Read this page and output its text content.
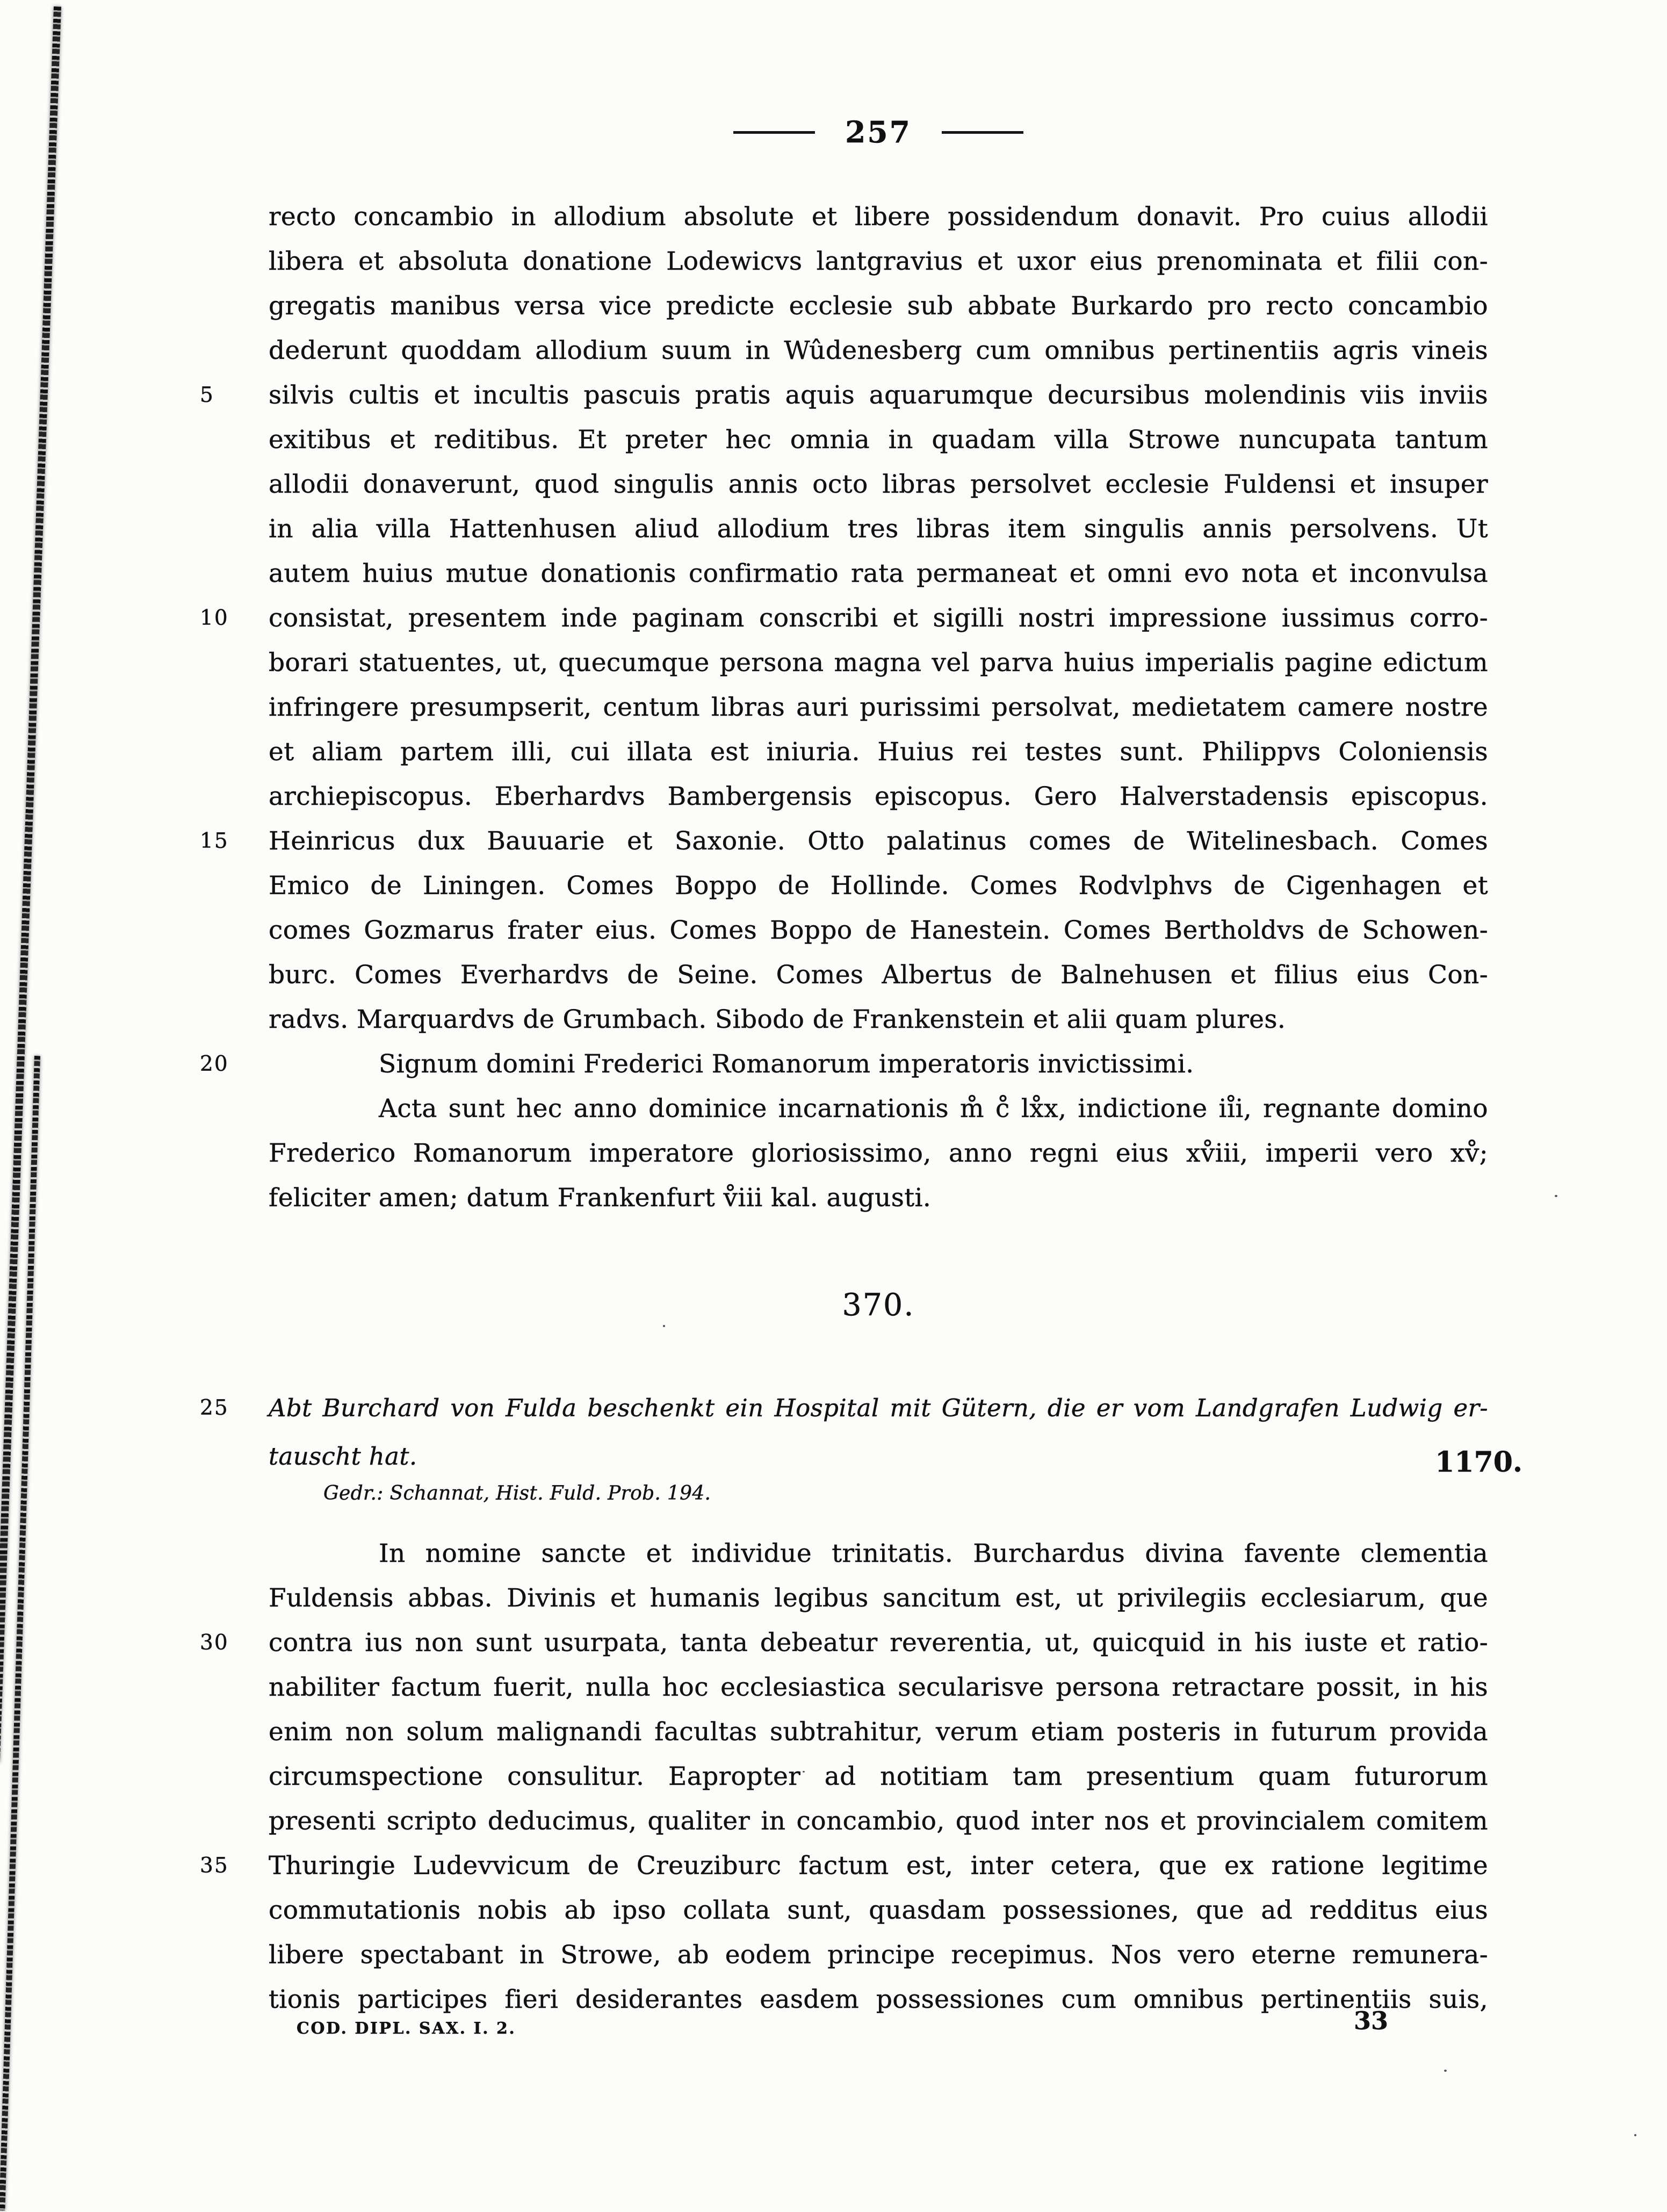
257
recto concambio in allodium absolute et libere possidendum donavit. Pro cuius allodii
libera et absoluta donatione Lodewicvs lantgravius et uxor eius prenominata et filii con-
gregatis manibus versa vice predicte ecclesie sub abbate Burkardo pro recto concambio
dederunt quoddam allodium suum in Wûdenesberg cum omnibus pertinentiis agris vineis
5	silvis cultis et incultis pascuis pratis aquis aquarumque decursibus molendinis viis inviis
exitibus et reditibus. Et preter hec omnia in quadam villa Strowe nuncupata tantum
allodii donaverunt, quod singulis annis octo libras persolvet ecclesie Fuldensi et insuper
in alia villa Hattenhusen aliud allodium tres libras item singulis annis persolvens. Ut
autem huius mutue donationis confirmatio rata permaneat et omni evo nota et inconvulsa
10	consistat, presentem inde paginam conscribi et sigilli nostri impressione iussimus corro-
borari statuentes, ut, quecumque persona magna vel parva huius imperialis pagine edictum
infringere presumpserit, centum libras auri purissimi persolvat, medietatem camere nostre
et aliam partem illi, cui illata est iniuria. Huius rei testes sunt. Philippvs Coloniensis
archiepiscopus. Eberhardvs Bambergensis episcopus. Gero Halverstadensis episcopus.
15	Heinricus dux Bauuarie et Saxonie. Otto palatinus comes de Witelinesbach. Comes
Emico de Liningen. Comes Boppo de Hollinde. Comes Rodvlphvs de Cigenhagen et
comes Gozmarus frater eius. Comes Boppo de Hanestein. Comes Bertholdvs de Schowen-
burc. Comes Everhardvs de Seine. Comes Albertus de Balnehusen et filius eius Con-
radvs. Marquardvs de Grumbach. Sibodo de Frankenstein et alii quam plures.
20	Signum domini Frederici Romanorum imperatoris invictissimi.
Acta sunt hec anno dominice incarnationis m̊ c̊ lx̊x, indictione ii̊i, regnante domino
Frederico Romanorum imperatore gloriosissimo, anno regni eius xv̊iii, imperii vero xv̊;
feliciter amen; datum Frankenfurt v̊iii kal. augusti.
370.
25	Abt Burchard von Fulda beschenkt ein Hospital mit Gütern, die er vom Landgrafen Ludwig er-
tauscht hat.	1170.
Gedr.: Schannat, Hist. Fuld. Prob. 194.
In nomine sancte et individue trinitatis. Burchardus divina favente clementia
Fuldensis abbas. Divinis et humanis legibus sancitum est, ut privilegiis ecclesiarum, que
30	contra ius non sunt usurpata, tanta debeatur reverentia, ut, quicquid in his iuste et ratio-
nabiliter factum fuerit, nulla hoc ecclesiastica secularisve persona retractare possit, in his
enim non solum malignandi facultas subtrahitur, verum etiam posteris in futurum provida
circumspectione consulitur. Eapropter ad notitiam tam presentium quam futurorum
presenti scripto deducimus, qualiter in concambio, quod inter nos et provincialem comitem
35	Thuringie Ludevvicum de Creuziburc factum est, inter cetera, que ex ratione legitime
commutationis nobis ab ipso collata sunt, quasdam possessiones, que ad redditus eius
libere spectabant in Strowe, ab eodem principe recepimus. Nos vero eterne remunera-
tionis participes fieri desiderantes easdem possessiones cum omnibus pertinentiis suis,
COD. DIPL. SAX. I. 2.	33
